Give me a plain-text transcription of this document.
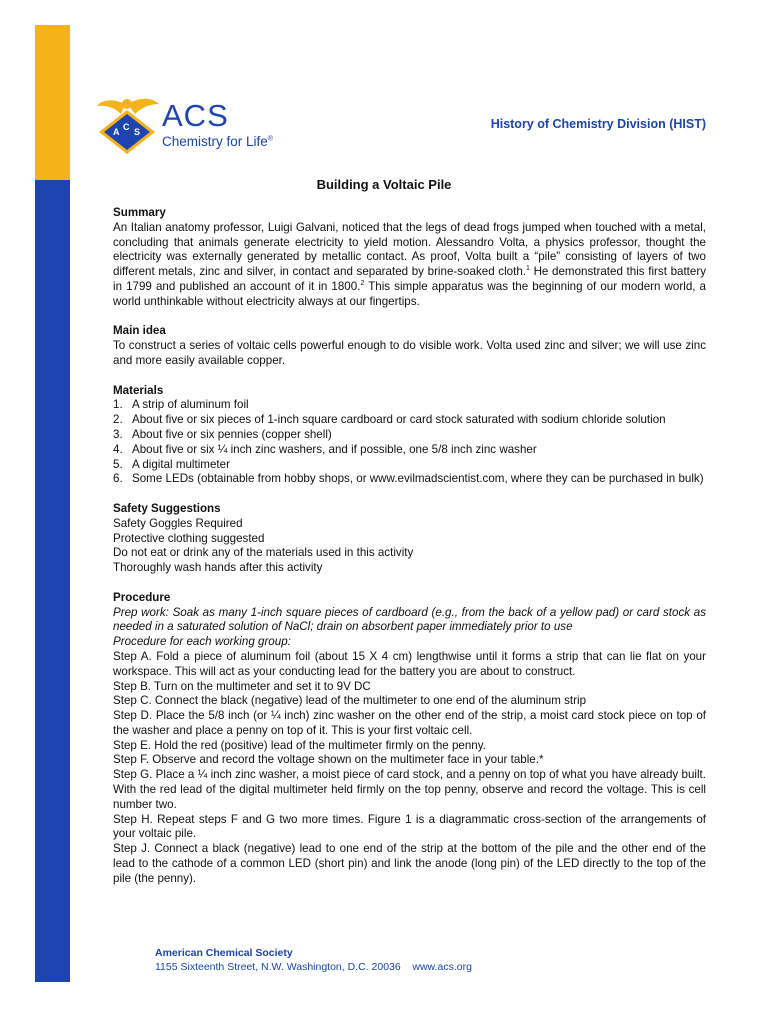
A C S ACS
Chemistry for Life®
History of Chemistry Division (HIST)
Building a Voltaic Pile

Summary

An Italian anatomy professor, Luigi Galvani, noticed that the legs of dead frogs jumped when touched with a metal, concluding that animals generate electricity to yield motion. Alessandro Volta, a physics professor, thought the electricity was externally generated by metallic contact. As proof, Volta built a “pile” consisting of layers of two different metals, zinc and silver, in contact and separated by brine-soaked cloth.$^1$ He demonstrated this first battery in 1799 and published an account of it in 1800.$^2$ This simple apparatus was the beginning of our modern world, a world unthinkable without electricity always at our fingertips.

Main idea

To construct a series of voltaic cells powerful enough to do visible work. Volta used zinc and silver; we will use zinc and more easily available copper.

Materials

1. A strip of aluminum foil
2. About five or six pieces of 1-inch square cardboard or card stock saturated with sodium chloride solution
3. About five or six pennies (copper shell)
4. About five or six ¼ inch zinc washers, and if possible, one 5/8 inch zinc washer
5. A digital multimeter
6. Some LEDs (obtainable from hobby shops, or www.evilmadscientist.com, where they can be purchased in bulk)

Safety Suggestions

Safety Goggles Required

Protective clothing suggested

Do not eat or drink any of the materials used in this activity

Thoroughly wash hands after this activity

Procedure

Prep work: Soak as many 1-inch square pieces of cardboard (e.g., from the back of a yellow pad) or card stock as needed in a saturated solution of NaCl; drain on absorbent paper immediately prior to use

Procedure for each working group:

Step A. Fold a piece of aluminum foil (about 15 X 4 cm) lengthwise until it forms a strip that can lie flat on your workspace. This will act as your conducting lead for the battery you are about to construct.

Step B. Turn on the multimeter and set it to 9V DC

Step C. Connect the black (negative) lead of the multimeter to one end of the aluminum strip

Step D. Place the 5/8 inch (or ¼ inch) zinc washer on the other end of the strip, a moist card stock piece on top of the washer and place a penny on top of it. This is your first voltaic cell.

Step E. Hold the red (positive) lead of the multimeter firmly on the penny.

Step F. Observe and record the voltage shown on the multimeter face in your table.*

Step G. Place a ¼ inch zinc washer, a moist piece of card stock, and a penny on top of what you have already built. With the red lead of the digital multimeter held firmly on the top penny, observe and record the voltage. This is cell number two.

Step H. Repeat steps F and G two more times. Figure 1 is a diagrammatic cross-section of the arrangements of your voltaic pile.

Step J. Connect a black (negative) lead to one end of the strip at the bottom of the pile and the other end of the lead to the cathode of a common LED (short pin) and link the anode (long pin) of the LED directly to the top of the pile (the penny).

American Chemical Society
1155 Sixteenth Street, N.W. Washington, D.C. 20036 www.acs.org
